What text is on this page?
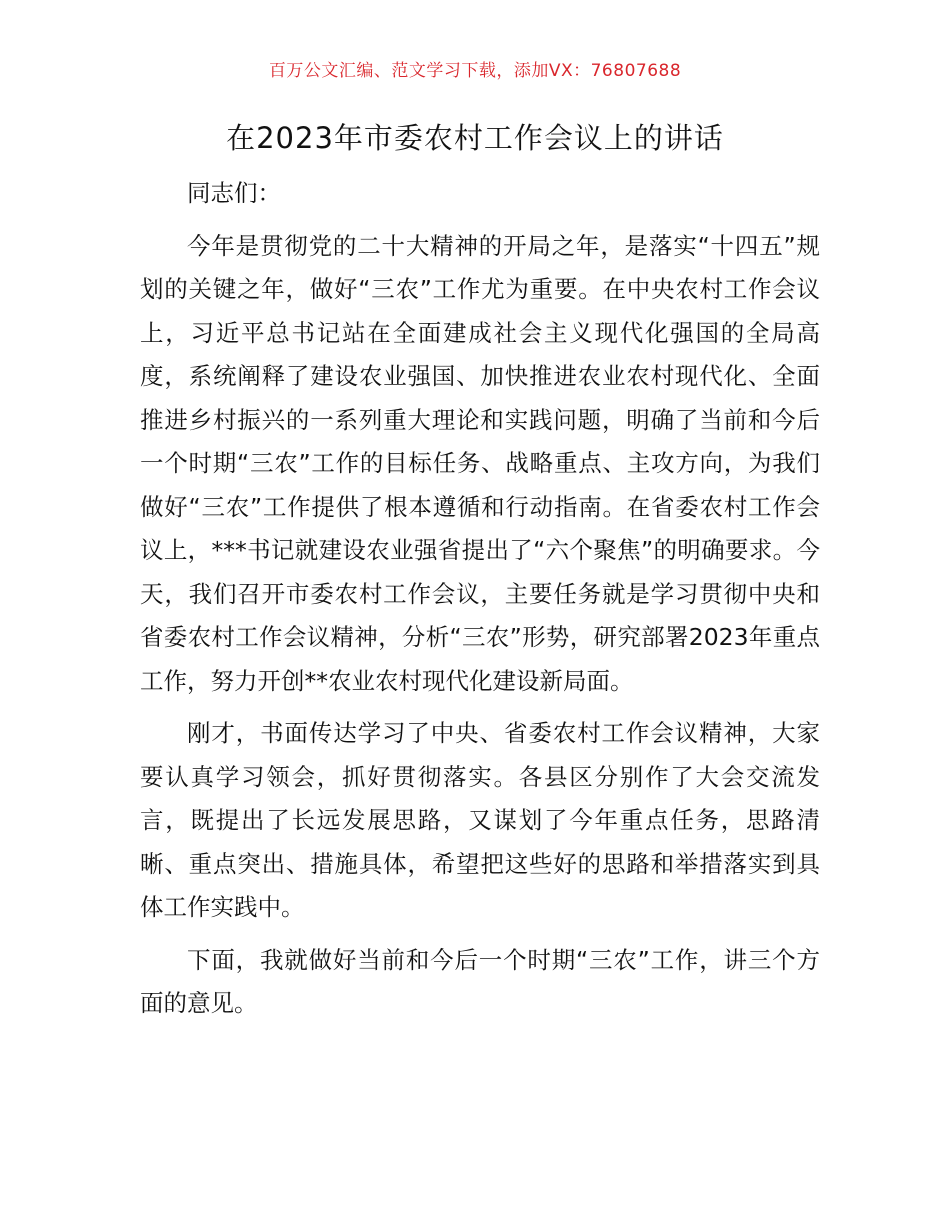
百万公文汇编、范文学习下载，添加VX：76807688
在2023年市委农村工作会议上的讲话

同志们：

今年是贯彻党的二十大精神的开局之年，是落实“十四五”规划的关键之年，做好“三农”工作尤为重要。在中央农村工作会议上，习近平总书记站在全面建成社会主义现代化强国的全局高度，系统阐释了建设农业强国、加快推进农业农村现代化、全面推进乡村振兴的一系列重大理论和实践问题，明确了当前和今后一个时期“三农”工作的目标任务、战略重点、主攻方向，为我们做好“三农”工作提供了根本遵循和行动指南。在省委农村工作会议上，***书记就建设农业强省提出了“六个聚焦”的明确要求。今天，我们召开市委农村工作会议，主要任务就是学习贯彻中央和省委农村工作会议精神，分析“三农”形势，研究部署2023年重点工作，努力开创**农业农村现代化建设新局面。

刚才，书面传达学习了中央、省委农村工作会议精神，大家要认真学习领会，抓好贯彻落实。各县区分别作了大会交流发言，既提出了长远发展思路，又谋划了今年重点任务，思路清晰、重点突出、措施具体，希望把这些好的思路和举措落实到具体工作实践中。

下面，我就做好当前和今后一个时期“三农”工作，讲三个方面的意见。
